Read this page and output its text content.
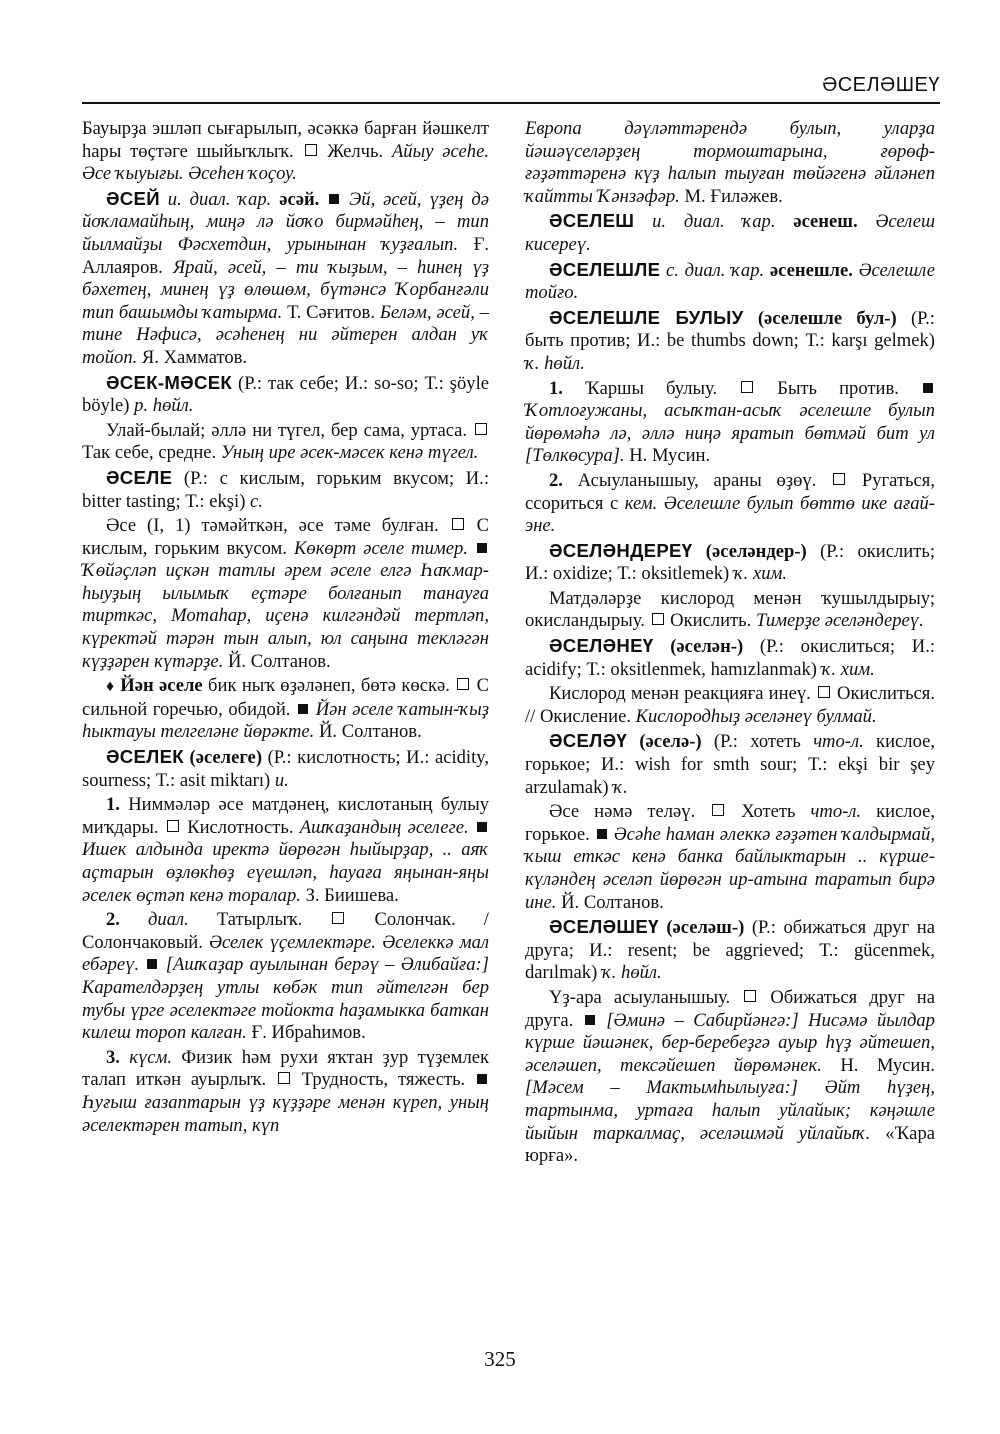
ӘСЕЛӘШЕҮ

Бауырҙа эшләп сығарылып, әсәккә барған йәшкелт һары төҫтәге шыйыҡлыҡ. Желчь. Айыу әсеһе. Әсе ҡыуығы. Әсеһен ҡоҫоу.

ӘСЕЙ и. диал. ҡар. әсәй. Эй, әсей, үҙең дә йоҡламайһың, миңә лә йоҡо бирмәйһең, – тип йылмайҙы Фәсхетдин, урынынан ҡуҙғалып. Ғ. Аллаяров. Ярай, әсей, – ти ҡыҙым, – һинең үҙ бәхетең, минең үҙ өлөшөм, бүтәнсә Ҡорбанғәли тип башымды ҡатырма. Т. Сәғитов. Беләм, әсей, – тине Нәфисә, әсәһенең ни әйтерен алдан уҡ тойоп. Я. Хамматов.

ӘСЕК-МӘСЕК (Р.: так себе; И.: so-so; Т.: şöyle böyle) р. һөйл.

Улай-былай; әллә ни түгел, бер сама, уртаса.  Так себе, средне. Уның ире әсек-мәсек кенә түгел.

ӘСЕЛЕ (Р.: с кислым, горьким вкусом; И.: bitter tasting; Т.: ekşi) с.

Әсе (I, 1) тәмәйткән, әсе тәме булған. С кислым, горьким вкусом. Көкөрт әселе тимер.  Ҡөйәҫләп иҫкән татлы әрем әселе елгә Һаҡмар-һыуҙың ылымыҡ еҫтәре болғанып танауға тирткәс, Мотаһар, иҫенә килгәндәй тертләп, күректәй тәрән тын алып, юл саңына текләгән күҙҙәрен күтәрҙе. Й. Солтанов.

♦ Йән әселе бик ныҡ өҙәләнеп, бөтә көскә. С сильной горечью, обидой. Йән әселе ҡатын-ҡыҙ һыктауы телгеләне йөрәкте. Й. Солтанов.

ӘСЕЛЕК (әселеге) (Р.: кислотность; И.: acidity, sourness; Т.: asit miktarı) и.

1. Ниммәләр әсе матдәнең, кислотаның булыу миҡдары. Кислотность. Ашҡаҙандың әселеге.  Ишек алдында иректә йөрөгән һыйырҙар, .. аяҡ аҫтарын өҙлөкһөҙ еүешләп, һауаға яңынан-яңы әселек өҫтәп кенә торалар. З. Биишева.

2. диал. Татырлыҡ.	Солончак. / Солончаковый. Әселек үҫемлектәре. Әселеккә мал ебәреү. [Ашҡаҙар ауылынан берәү – Әлибайға:] Карателдәрҙең утлы көбәк тип әйтелгән бер тубы үрге әселектәге тойокта һаҙамыкка баткан килеш тороп калған. Ғ. Ибраһимов.

3. күсм. Физик һәм рухи яҡтан ҙур түҙемлек талап иткән ауырлыҡ. Трудность, тяжесть.  Һуғыш ғазаптарын үҙ күҙҙәре менән күреп, уның әселектәрен татып, күп

Европа дәүләттәрендә булып, уларҙа йәшәүселәрҙең тормоштарына, ғөрөф-ғәҙәттәренә күҙ һалып тыуған төйәгенә әйләнеп ҡайтты Ҡәнзәфәр. М. Ғиләжев.

ӘСЕЛЕШ и. диал. ҡар. әсенеш. Әселеш кисереү.

ӘСЕЛЕШЛЕ с. диал. ҡар. әсенешле. Әселешле тойғо.

ӘСЕЛЕШЛЕ БУЛЫУ (әселешле бул-) (Р.: быть против; И.: be thumbs down; Т.: karşı gelmek) ҡ. һөйл.

1. Ҡаршы булыу.	Быть против.  Ҡотлоғужаны, асыҡтан-асыҡ әселешле булып йөрөмәһә лә, әллә ниңә яратып бөтмәй бит ул [Төлкөсура]. Н. Мусин.

2. Асыуланышыу, араны өҙөү. Ругаться, ссориться с кем. Әселешле булып бөттө ике ағай-эне.

ӘСЕЛӘНДЕРЕҮ (әселәндер-) (Р.: окислить; И.: oxidize; Т.: oksitlemek) ҡ. хим.

Матдәләрҙе кислород менән ҡушылдырыу; окисландырыу. Окислить. Тимерҙе әселәндереү.

ӘСЕЛӘНЕҮ (әселән-) (Р.: окислиться; И.: acidify; Т.: oksitlenmek, hamızlanmak) ҡ. хим.

Кислород менән реакцияға инеү. Окислиться. // Окисление. Кислородһыҙ әселәнеү булмай.

ӘСЕЛӘҮ (әселә-) (Р.: хотеть что-л. кислое, горькое; И.: wish for smth sour; Т.: ekşi bir şey arzulamak) ҡ.

Әсе нәмә теләү. Хотеть что-л. кислое, горькое. Әсәһе һаман әлеккә ғәҙәтен ҡалдырмай, ҡыш еткәс кенә банка байлыктарын .. күрше-күләндең әселәп йөрөгән ир-атына таратып бирә ине. Й. Солтанов.

ӘСЕЛӘШЕҮ (әселәш-) (Р.: обижаться друг на друга; И.: resent; be aggrieved; Т.: gücenmek, darılmak) ҡ. һөйл.

Үҙ-ара асыуланышыу. Обижаться друг на друга. [Әминә – Сабирйәнгә:] Нисәмә йылдар күрше йәшәнек, бер-беребеҙгә ауыр һүҙ әйтешеп, әселәшеп, тексәйешеп йөрөмәнек. Н. Мусин. [Мәсем – Мактымһылыуға:] Әйт һүҙең, тартынма, уртаға һалып уйлайык; кәңәшле йыйын таркалмаҫ, әселәшмәй уйлайыҡ. «Ҡара юрға».

325
